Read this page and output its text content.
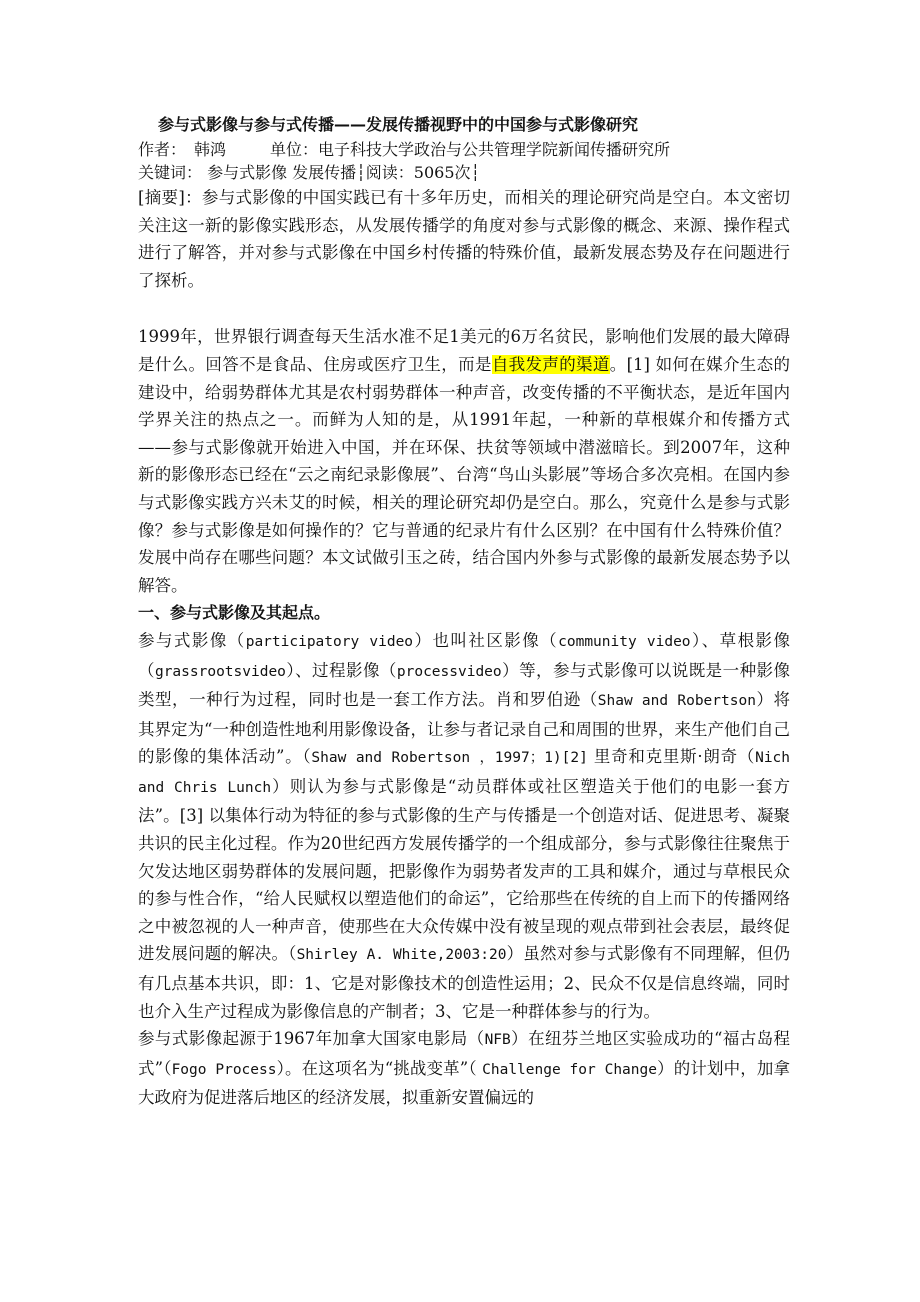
参与式影像与参与式传播——发展传播视野中的中国参与式影像研究
作者： 韩鸿	单位：电子科技大学政治与公共管理学院新闻传播研究所
关键词： 参与式影像 发展传播┆阅读：5065次┆

[摘要]：参与式影像的中国实践已有十多年历史，而相关的理论研究尚是空白。本文密切关注这一新的影像实践形态，从发展传播学的角度对参与式影像的概念、来源、操作程式进行了解答，并对参与式影像在中国乡村传播的特殊价值，最新发展态势及存在问题进行了探析。

1999年，世界银行调查每天生活水准不足1美元的6万名贫民，影响他们发展的最大障碍是什么。回答不是食品、住房或医疗卫生，而是自我发声的渠道。[1] 如何在媒介生态的建设中，给弱势群体尤其是农村弱势群体一种声音，改变传播的不平衡状态，是近年国内学界关注的热点之一。而鲜为人知的是，从1991年起，一种新的草根媒介和传播方式——参与式影像就开始进入中国，并在环保、扶贫等领域中潜滋暗长。到2007年，这种新的影像形态已经在“云之南纪录影像展”、台湾“鸟山头影展”等场合多次亮相。在国内参与式影像实践方兴未艾的时候，相关的理论研究却仍是空白。那么，究竟什么是参与式影像？参与式影像是如何操作的？它与普通的纪录片有什么区别？在中国有什么特殊价值？发展中尚存在哪些问题？本文试做引玉之砖，结合国内外参与式影像的最新发展态势予以解答。

一、参与式影像及其起点。

参与式影像（participatory video）也叫社区影像（community video）、草根影像（grassrootsvideo）、过程影像（processvideo）等，参与式影像可以说既是一种影像类型，一种行为过程，同时也是一套工作方法。肖和罗伯逊（Shaw and Robertson）将其界定为“一种创造性地利用影像设备，让参与者记录自己和周围的世界，来生产他们自己的影像的集体活动”。（Shaw and Robertson ，1997；1)[2] 里奇和克里斯·朗奇（Nich and Chris Lunch）则认为参与式影像是“动员群体或社区塑造关于他们的电影一套方法”。[3] 以集体行动为特征的参与式影像的生产与传播是一个创造对话、促进思考、凝聚共识的民主化过程。作为20世纪西方发展传播学的一个组成部分，参与式影像往往聚焦于欠发达地区弱势群体的发展问题，把影像作为弱势者发声的工具和媒介，通过与草根民众的参与性合作，“给人民赋权以塑造他们的命运”，它给那些在传统的自上而下的传播网络之中被忽视的人一种声音，使那些在大众传媒中没有被呈现的观点带到社会表层，最终促进发展问题的解决。（Shirley A. White,2003:20）虽然对参与式影像有不同理解，但仍有几点基本共识，即：1、它是对影像技术的创造性运用；2、民众不仅是信息终端，同时也介入生产过程成为影像信息的产制者；3、它是一种群体参与的行为。

参与式影像起源于1967年加拿大国家电影局（NFB）在纽芬兰地区实验成功的“福古岛程式”（Fogo Process）。在这项名为“挑战变革”（ Challenge for Change）的计划中，加拿大政府为促进落后地区的经济发展，拟重新安置偏远的
